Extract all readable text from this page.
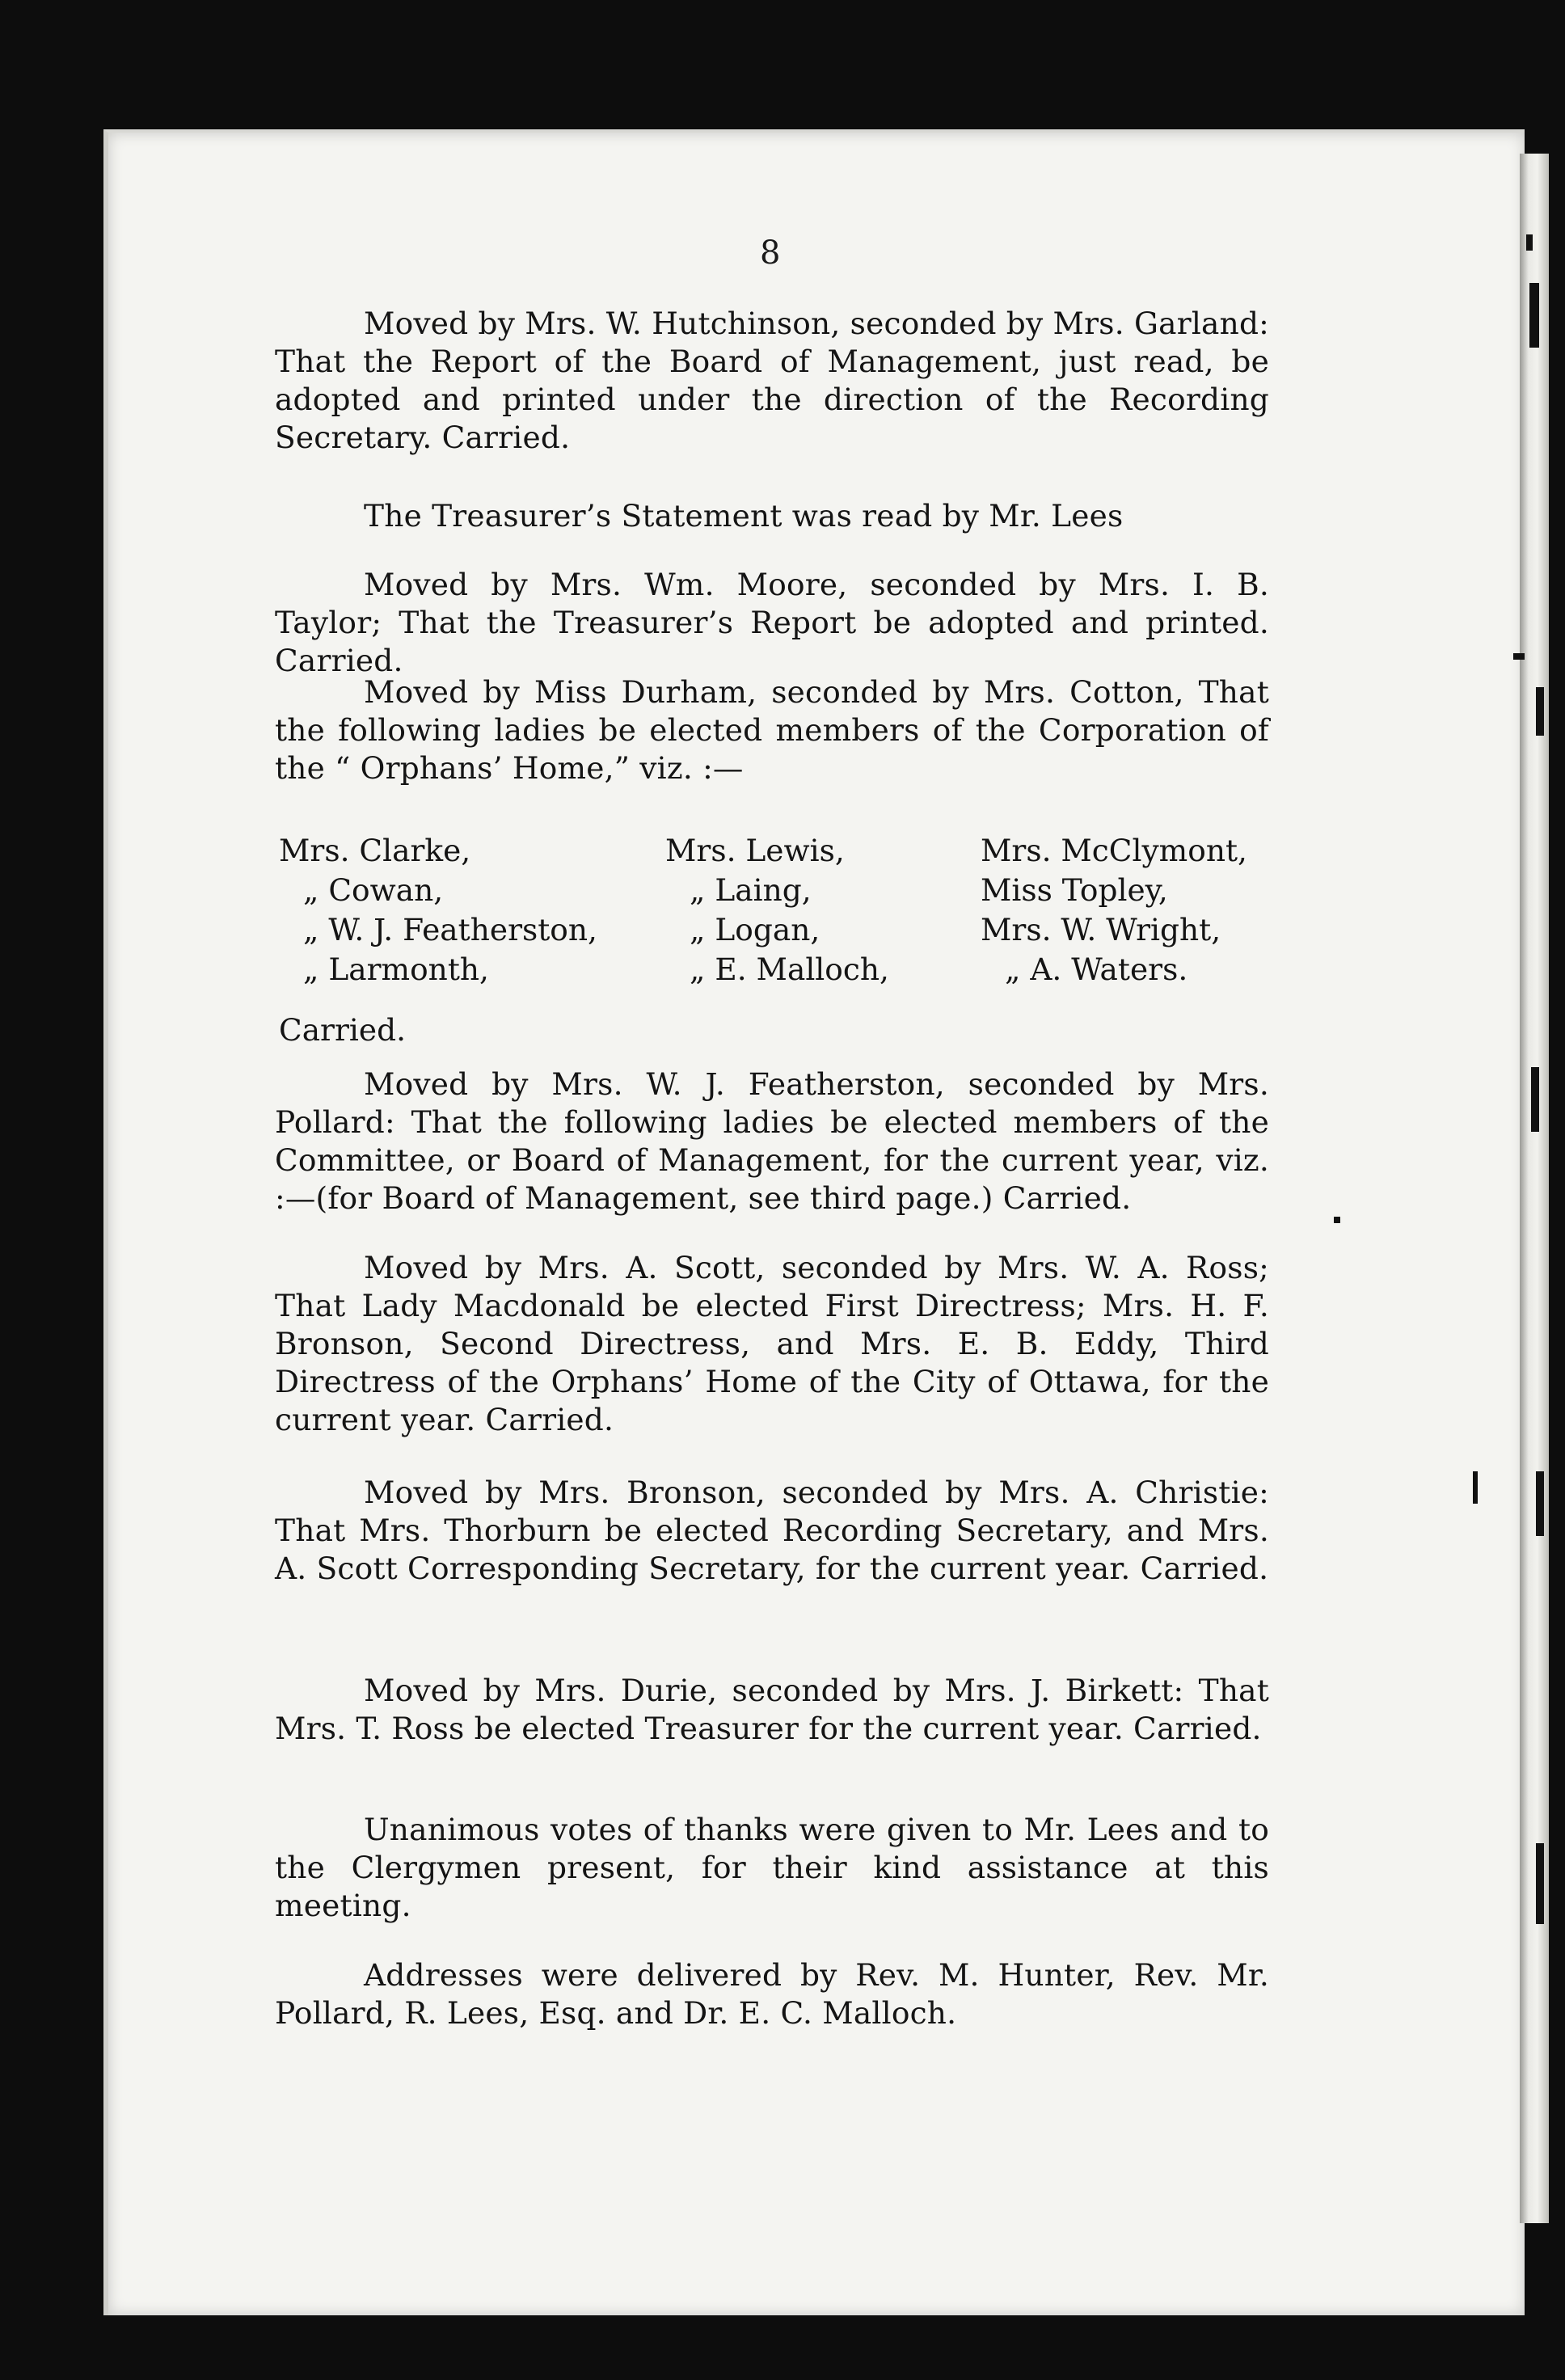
8

Moved by Mrs. W. Hutchinson, seconded by Mrs. Garland: That the Report of the Board of Management, just read, be adopted and printed under the direction of the Recording Secretary. Carried.

The Treasurer’s Statement was read by Mr. Lees

Moved by Mrs. Wm. Moore, seconded by Mrs. I. B. Taylor; That the Treasurer’s Report be adopted and printed. Carried.

Moved by Miss Durham, seconded by Mrs. Cotton, That the following ladies be elected members of the Corporation of the “ Orphans’ Home,” viz. :—

Mrs. Clarke,
„ Cowan,
„ W. J. Featherston,
„ Larmonth,
Mrs. Lewis,
„ Laing,
„ Logan,
„ E. Malloch,
Mrs. McClymont,
Miss Topley,
Mrs. W. Wright,
„ A. Waters.
Carried.

Moved by Mrs. W. J. Featherston, seconded by Mrs. Pollard: That the following ladies be elected members of the Committee, or Board of Management, for the current year, viz. :—(for Board of Management, see third page.) Carried.

Moved by Mrs. A. Scott, seconded by Mrs. W. A. Ross; That Lady Macdonald be elected First Directress; Mrs. H. F. Bronson, Second Directress, and Mrs. E. B. Eddy, Third Directress of the Orphans’ Home of the City of Ottawa, for the current year. Carried.

Moved by Mrs. Bronson, seconded by Mrs. A. Christie: That Mrs. Thorburn be elected Recording Secretary, and Mrs. A. Scott Corresponding Secretary, for the current year. Carried.

Moved by Mrs. Durie, seconded by Mrs. J. Birkett: That Mrs. T. Ross be elected Treasurer for the current year. Carried.

Unanimous votes of thanks were given to Mr. Lees and to the Clergymen present, for their kind assistance at this meeting.

Addresses were delivered by Rev. M. Hunter, Rev. Mr. Pollard, R. Lees, Esq. and Dr. E. C. Malloch.
